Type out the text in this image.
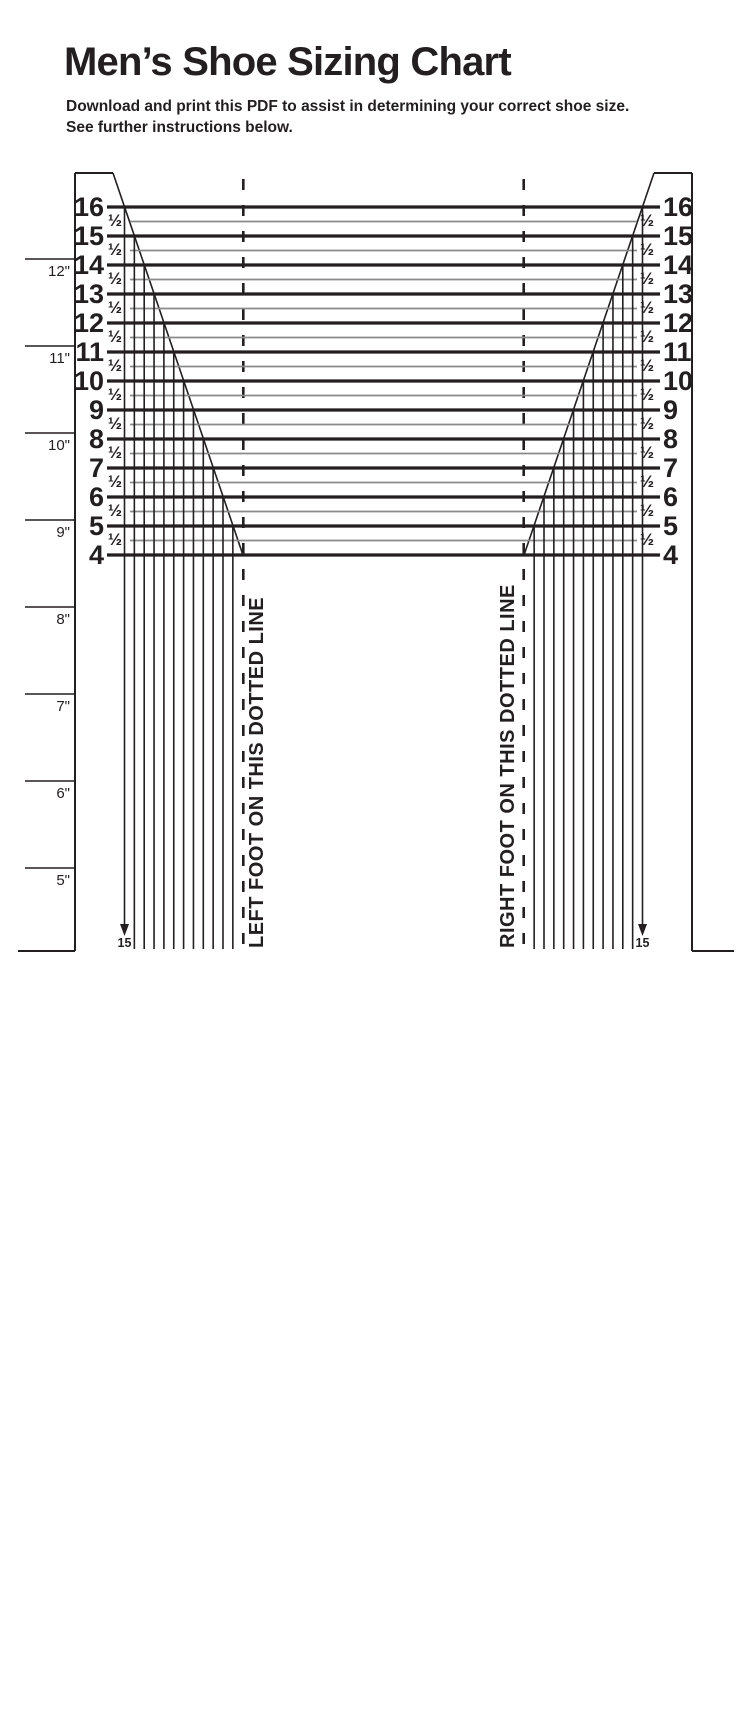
Men’s Shoe Sizing Chart
Download and print this PDF to assist in determining your correct shoe size.
See further instructions below.
12"
11"
10"
9"
8"
7"
6"
5"
16	16
½	½
15	15
½	½
14	14
½	½
13	13
½	½
12	12
½	½
11	11
½	½
10	10
½	½
9	9
½	½
8	8
½	½
7	7
½	½
6	6
½	½
5	5
½	½
4	4
15	15
LEFT FOOT ON THIS DOTTED LINE	RIGHT FOOT ON THIS DOTTED LINE
